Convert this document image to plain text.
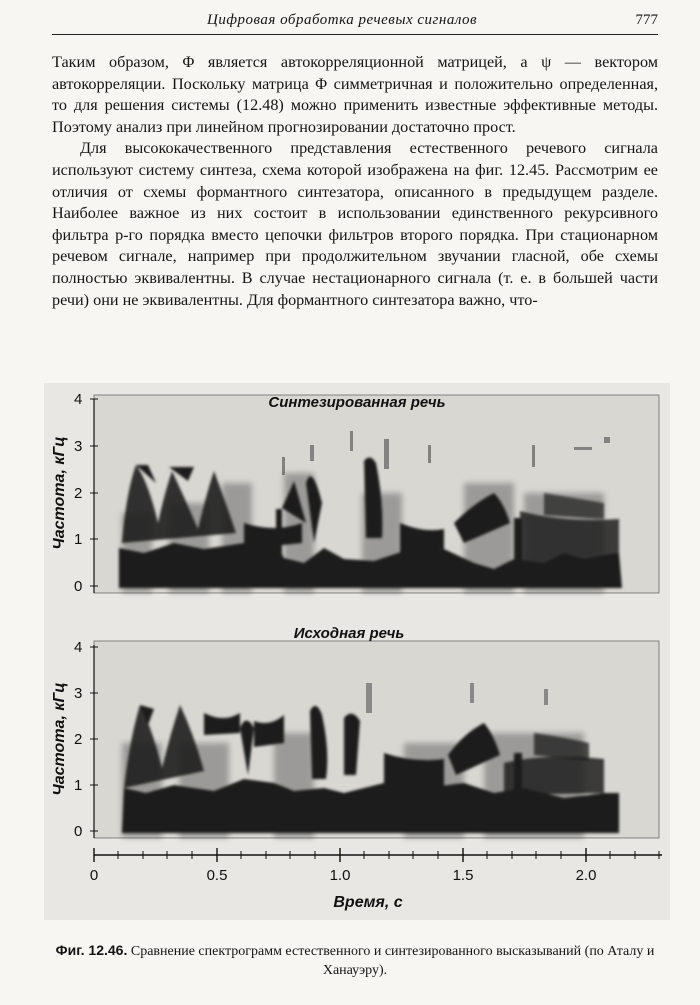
Цифровая обработка речевых сигналов	777

Таким образом, Φ является автокорреляционной матрицей, а ψ — вектором автокорреляции. Поскольку матрица Φ симметричная и положительно определенная, то для решения системы (12.48) можно применить известные эффективные методы. Поэтому анализ при линейном прогнозировании достаточно прост.

Для высококачественного представления естественного речевого сигнала используют систему синтеза, схема которой изображена на фиг. 12.45. Рассмотрим ее отличия от схемы формантного синтезатора, описанного в предыдущем разделе. Наиболее важное из них состоит в использовании единственного рекурсивного фильтра p-го порядка вместо цепочки фильтров второго порядка. При стационарном речевом сигнале, например при продолжительном звучании гласной, обе схемы полностью эквивалентны. В случае нестационарного сигнала (т. е. в большей части речи) они не эквивалентны. Для формантного синтезатора важно, что-

Синтезированная речь
Исходная речь
4
3
2
1
0
Частота, кГц
4
3
2
1
0
Частота, кГц
0	0.5	1.0	1.5	2.0
Время, с
Фиг. 12.46. Сравнение спектрограмм естественного и синтезированного высказываний (по Аталу и Ханауэру).
